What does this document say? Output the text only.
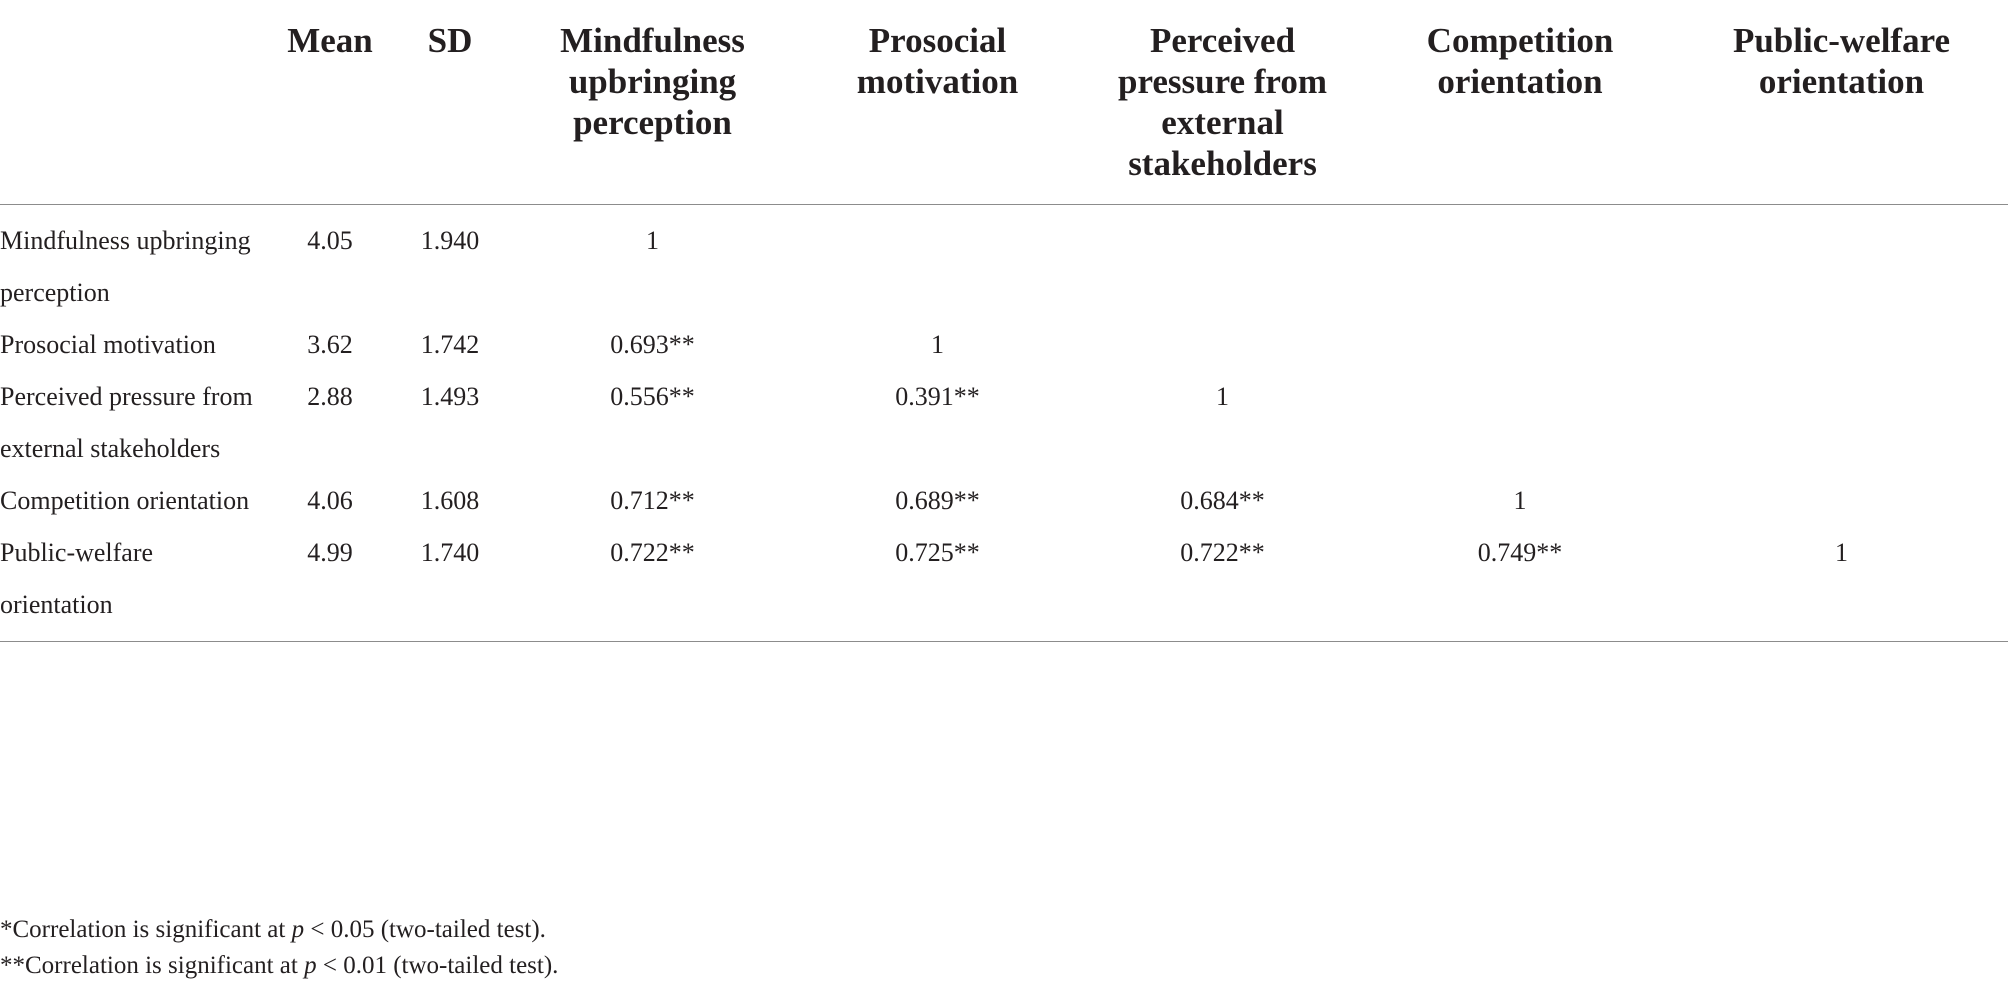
	Mean	SD	Mindfulness upbringing perception	Prosocial motivation	Perceived pressure from external stakeholders	Competition orientation	Public-welfare orientation
Mindfulness upbringing perception	4.05	1.940	1				
Prosocial motivation	3.62	1.742	0.693**	1			
Perceived pressure from external stakeholders	2.88	1.493	0.556**	0.391**	1		
Competition orientation	4.06	1.608	0.712**	0.689**	0.684**	1	
Public-welfare orientation	4.99	1.740	0.722**	0.725**	0.722**	0.749**	1

*Correlation is significant at p < 0.05 (two-tailed test).

**Correlation is significant at p < 0.01 (two-tailed test).
